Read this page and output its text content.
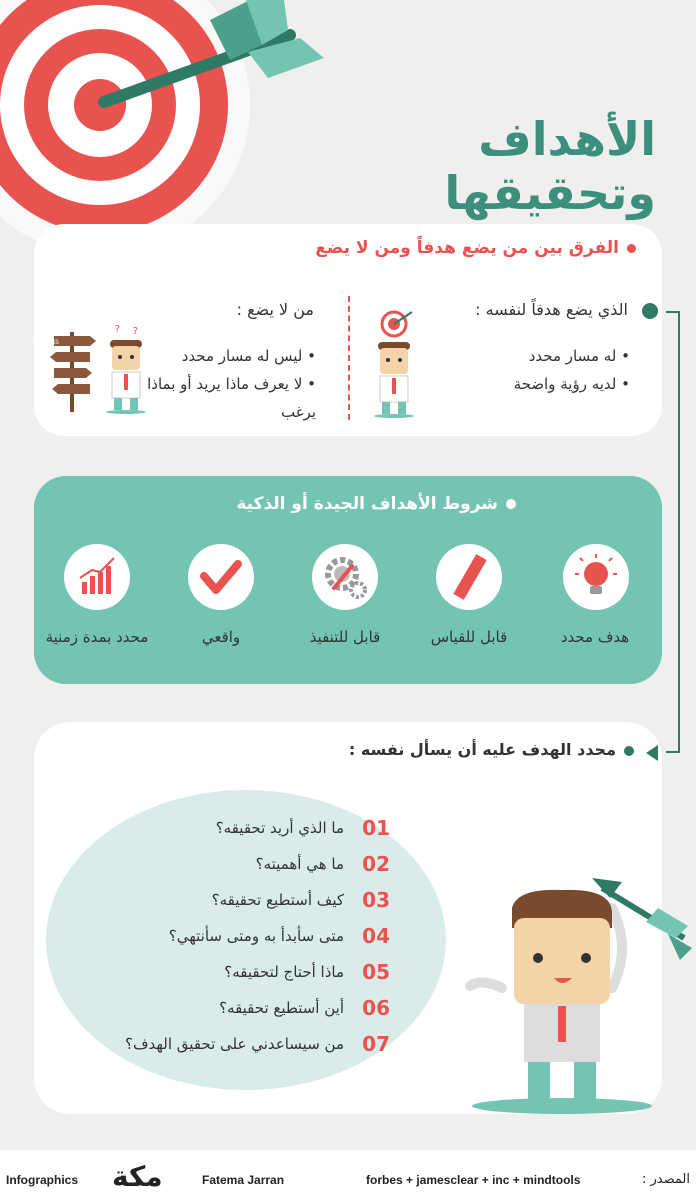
الأهداف وتحقيقها
الفرق بين من يضع هدفاً ومن لا يضع
الذي يضع هدفاً لنفسه :
• له مسار محدد
• لديه رؤية واضحة
من لا يضع :
• ليس له مسار محدد
• لا يعرف ماذا يريد أو بماذا يرغب
SUCCESS
? ?
شروط الأهداف الجيدة أو الذكية
هدف محدد
قابل للقياس
قابل للتنفيذ
واقعي
محدد بمدة زمنية
محدد الهدف عليه أن يسأل نفسه :
01
ما الذي أريد تحقيقه؟
02
ما هي أهميته؟
03
كيف أستطيع تحقيقه؟
04
متى سأبدأ به ومتى سأنتهي؟
05
ماذا أحتاج لتحقيقه؟
06
أين أستطيع تحقيقه؟
07
من سيساعدني على تحقيق الهدف؟
Infographics مكة	Fatema Jarran	forbes + jamesclear + inc + mindtools	المصدر :
